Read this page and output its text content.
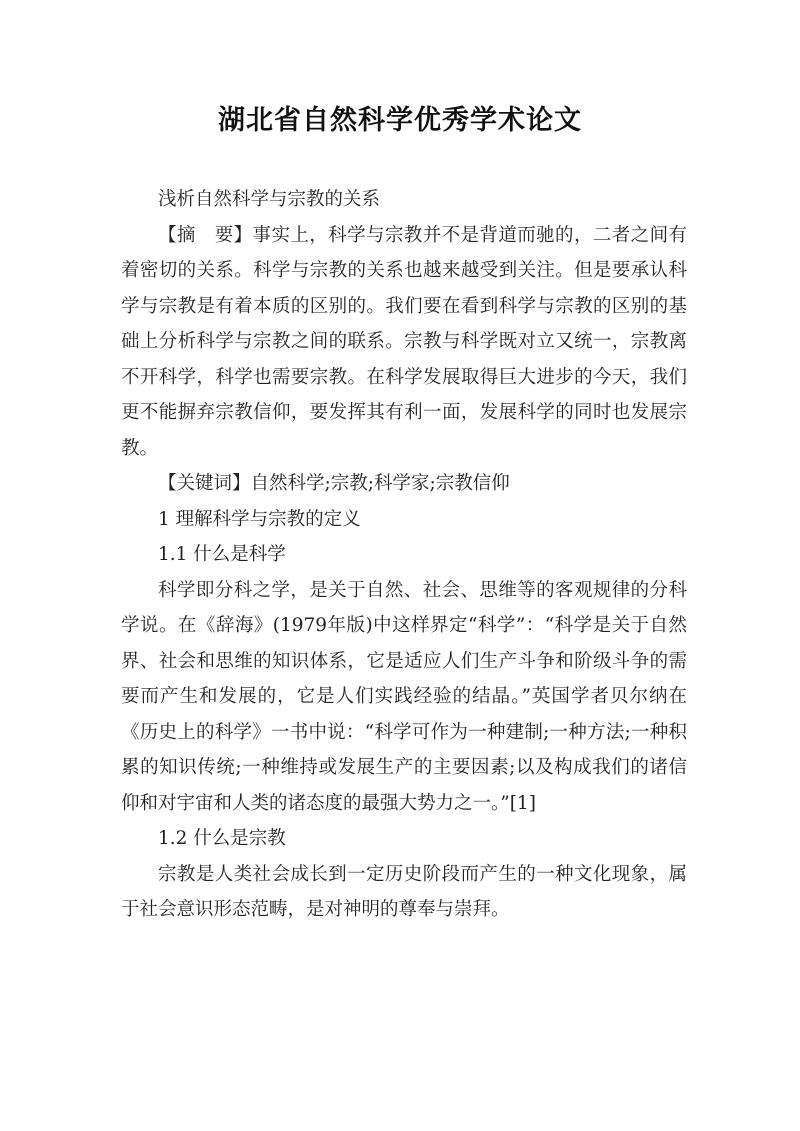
湖北省自然科学优秀学术论文

浅析自然科学与宗教的关系

【摘　要】事实上，科学与宗教并不是背道而驰的，二者之间有着密切的关系。科学与宗教的关系也越来越受到关注。但是要承认科学与宗教是有着本质的区别的。我们要在看到科学与宗教的区别的基础上分析科学与宗教之间的联系。宗教与科学既对立又统一，宗教离不开科学，科学也需要宗教。在科学发展取得巨大进步的今天，我们更不能摒弃宗教信仰，要发挥其有利一面，发展科学的同时也发展宗教。

【关键词】自然科学;宗教;科学家;宗教信仰

1 理解科学与宗教的定义

1.1 什么是科学

科学即分科之学，是关于自然、社会、思维等的客观规律的分科学说。在《辞海》(1979年版)中这样界定“科学”：“科学是关于自然界、社会和思维的知识体系，它是适应人们生产斗争和阶级斗争的需要而产生和发展的，它是人们实践经验的结晶。”英国学者贝尔纳在《历史上的科学》一书中说：“科学可作为一种建制;一种方法;一种积累的知识传统;一种维持或发展生产的主要因素;以及构成我们的诸信仰和对宇宙和人类的诸态度的最强大势力之一。”[1]

1.2 什么是宗教

宗教是人类社会成长到一定历史阶段而产生的一种文化现象，属于社会意识形态范畴，是对神明的尊奉与崇拜。
